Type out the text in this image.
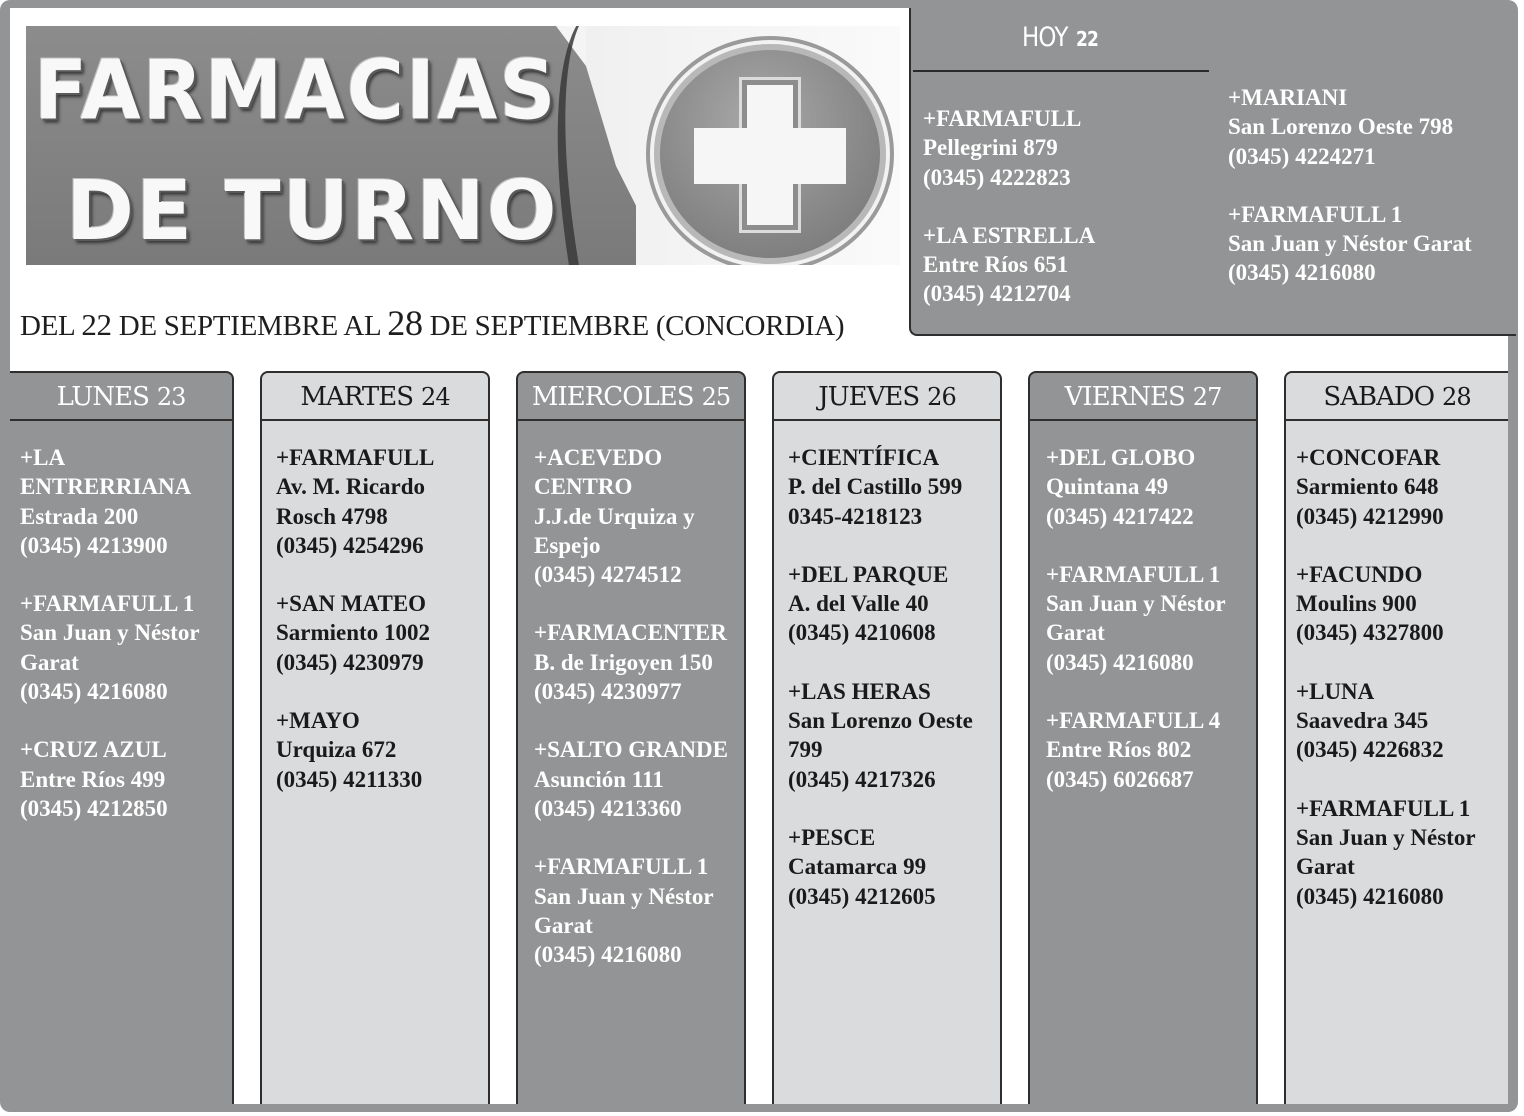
FARMACIAS
DE TURNO
DEL 22 DE SEPTIEMBRE AL 28 DE SEPTIEMBRE (CONCORDIA)
HOY 22
+FARMAFULL
Pellegrini 879
(0345) 4222823
+LA ESTRELLA
Entre Ríos 651
(0345) 4212704
+MARIANI
San Lorenzo Oeste 798
(0345) 4224271
+FARMAFULL 1
San Juan y Néstor Garat
(0345) 4216080
LUNES 23
+LA ENTRERRIANA
Estrada 200
(0345) 4213900
+FARMAFULL 1
San Juan y Néstor Garat
(0345) 4216080
+CRUZ AZUL
Entre Ríos 499
(0345) 4212850
MARTES 24
+FARMAFULL
Av. M. Ricardo Rosch 4798
(0345) 4254296
+SAN MATEO
Sarmiento 1002
(0345) 4230979
+MAYO
Urquiza 672
(0345) 4211330
MIERCOLES 25
+ACEVEDO CENTRO
J.J.de Urquiza y Espejo
(0345) 4274512
+FARMACENTER
B. de Irigoyen 150
(0345) 4230977
+SALTO GRANDE
Asunción 111
(0345) 4213360
+FARMAFULL 1
San Juan y Néstor Garat
(0345) 4216080
JUEVES 26
+CIENTÍFICA
P. del Castillo 599
0345-4218123
+DEL PARQUE
A. del Valle 40
(0345) 4210608
+LAS HERAS
San Lorenzo Oeste 799
(0345) 4217326
+PESCE
Catamarca 99
(0345) 4212605
VIERNES 27
+DEL GLOBO
Quintana 49
(0345) 4217422
+FARMAFULL 1
San Juan y Néstor Garat
(0345) 4216080
+FARMAFULL 4
Entre Ríos 802
(0345) 6026687
SABADO 28
+CONCOFAR
Sarmiento 648
(0345) 4212990
+FACUNDO
Moulins 900
(0345) 4327800
+LUNA
Saavedra 345
(0345) 4226832
+FARMAFULL 1
San Juan y Néstor Garat
(0345) 4216080
